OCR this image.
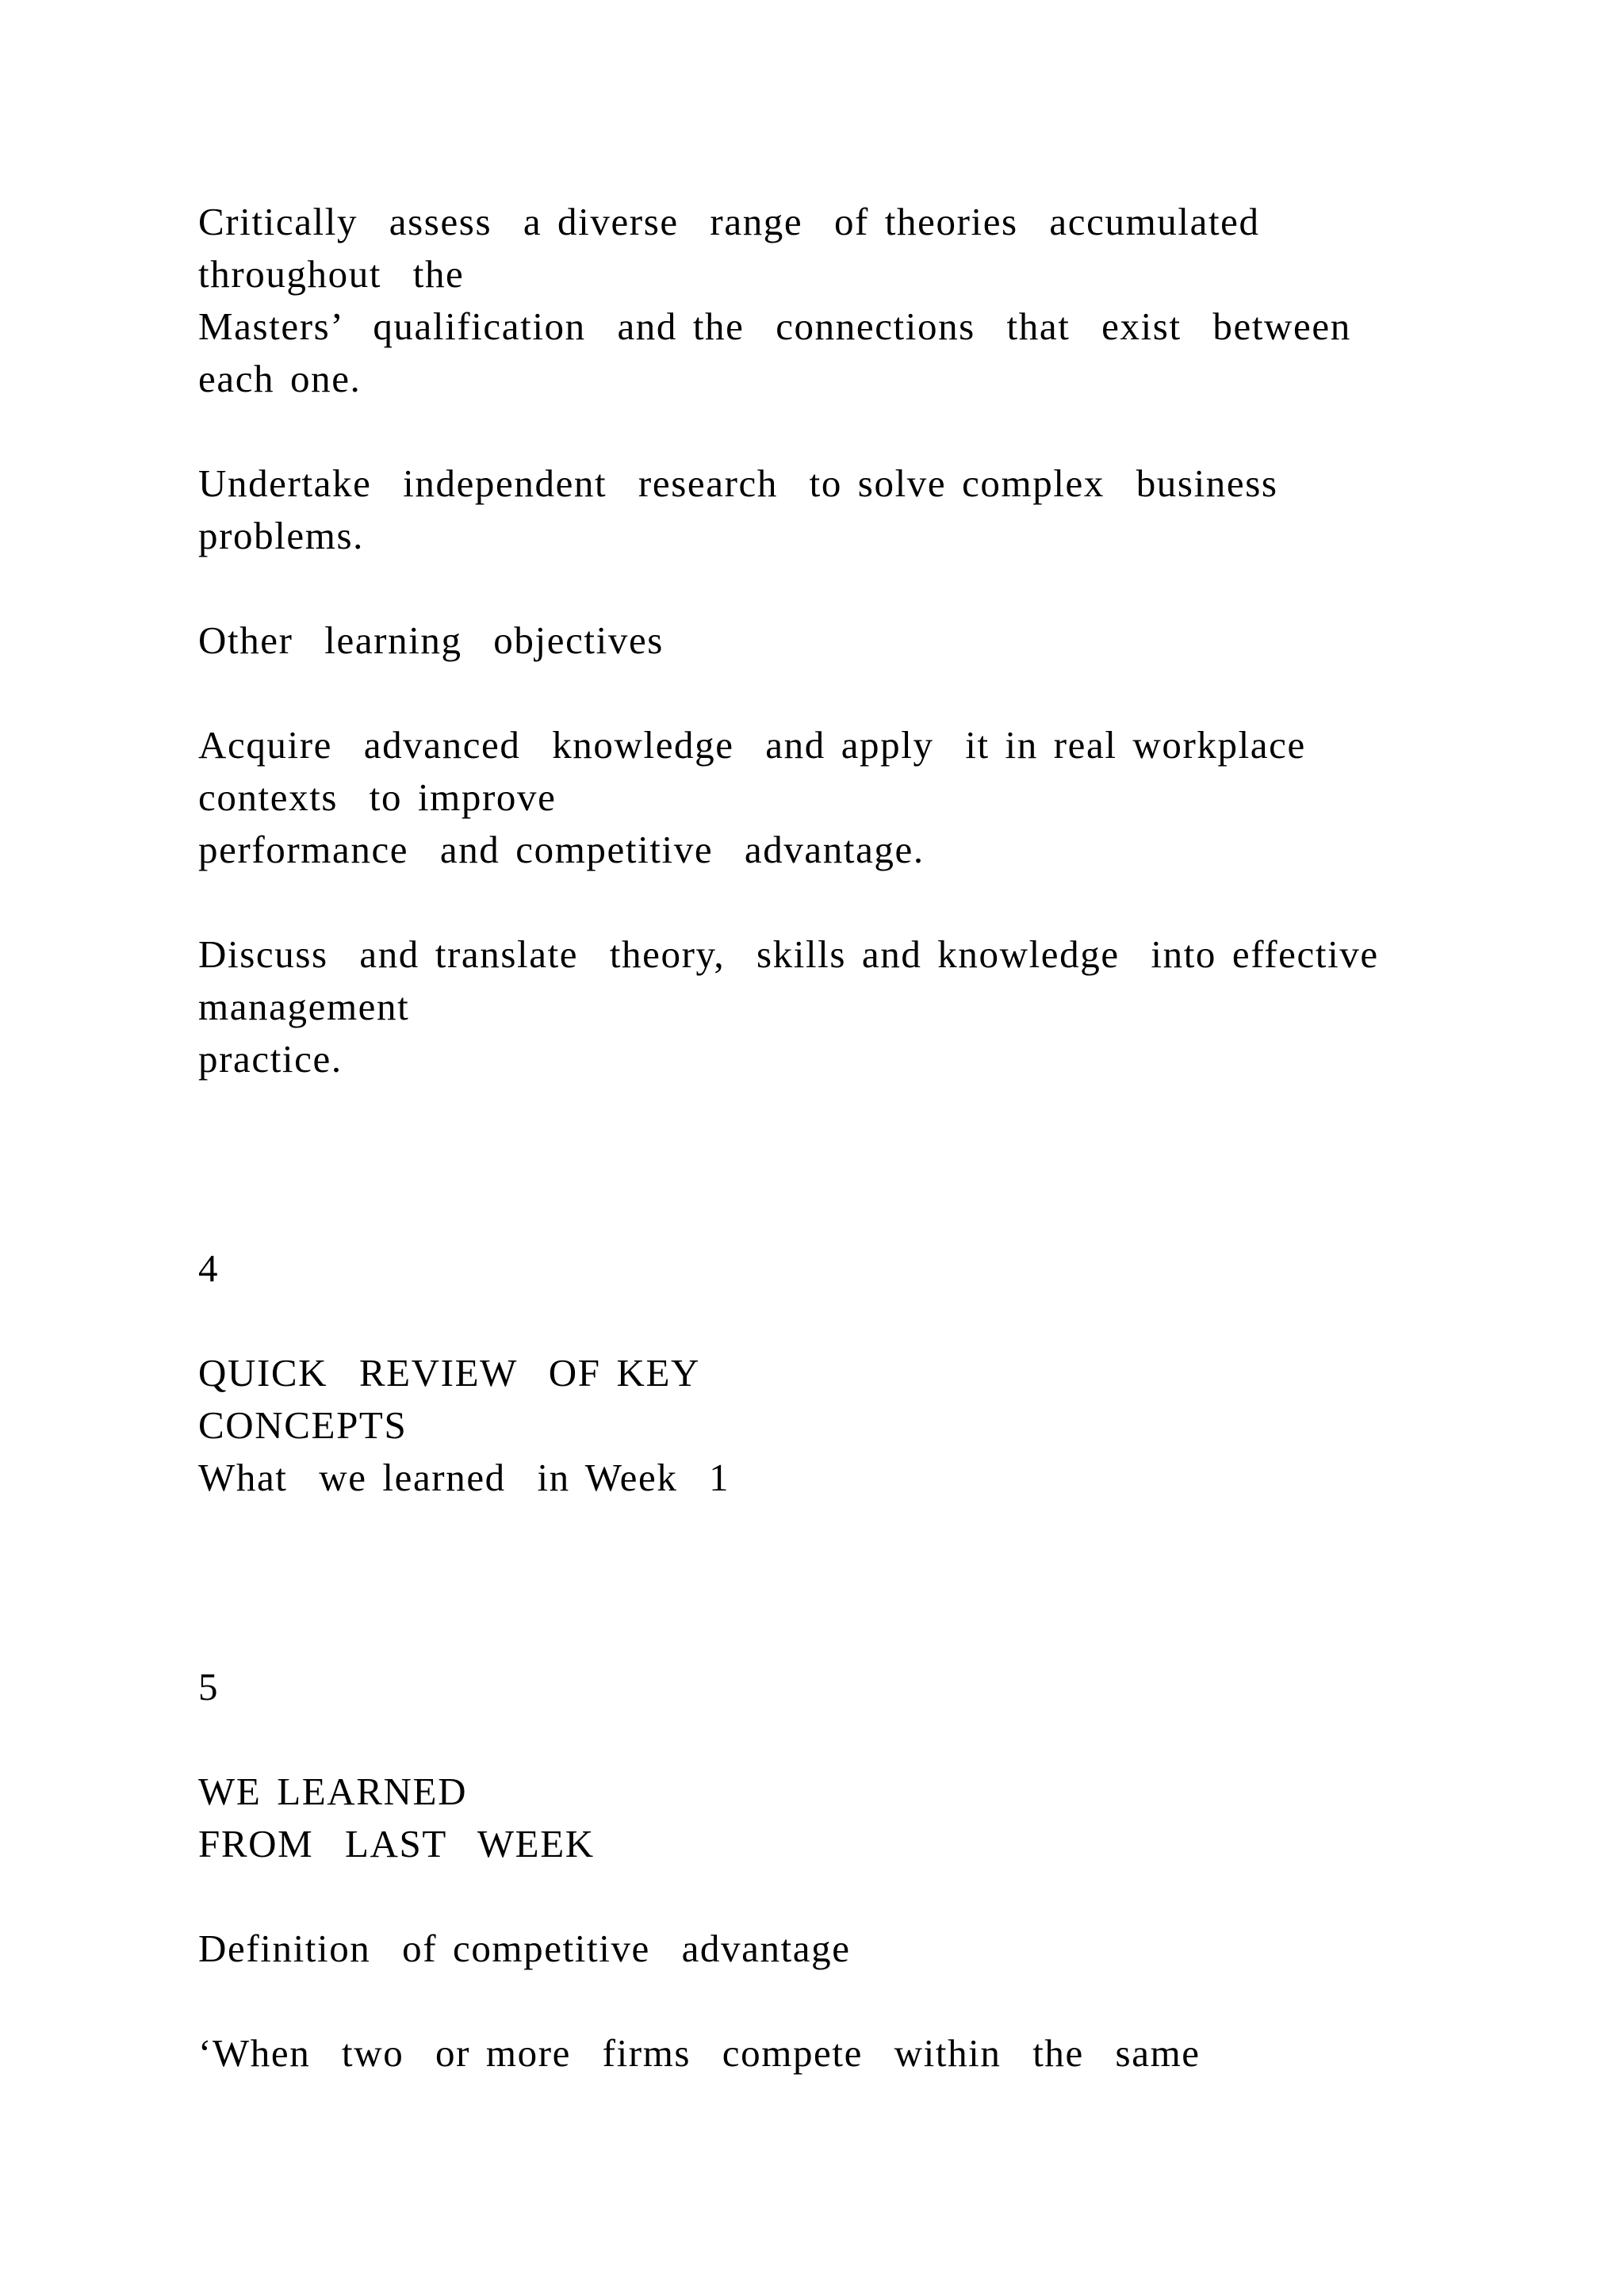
Critically  assess  a diverse  range  of theories  accumulated

throughout  the

Masters’  qualification  and the  connections  that  exist  between

each one.

Undertake  independent  research  to solve complex  business

problems.

Other  learning  objectives

Acquire  advanced  knowledge  and apply  it in real workplace

contexts  to improve

performance  and competitive  advantage.

Discuss  and translate  theory,  skills and knowledge  into effective

management

practice.

4

QUICK  REVIEW  OF KEY

CONCEPTS

What  we learned  in Week  1

5

WE LEARNED

FROM  LAST  WEEK

Definition  of competitive  advantage

‘When  two  or more  firms  compete  within  the  same
